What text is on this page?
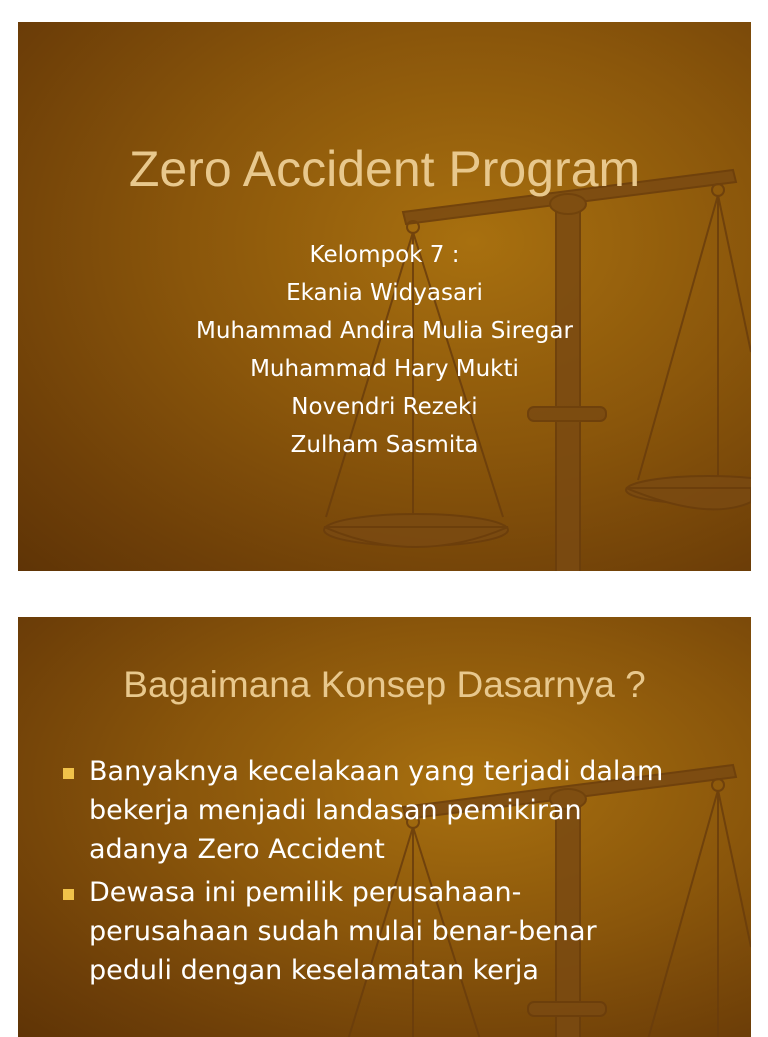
Zero Accident Program
Kelompok 7 :
Ekania Widyasari
Muhammad Andira Mulia Siregar
Muhammad Hary Mukti
Novendri Rezeki
Zulham Sasmita
Bagaimana Konsep Dasarnya ?
Banyaknya kecelakaan yang terjadi dalam
bekerja menjadi landasan pemikiran
adanya Zero Accident
Dewasa ini pemilik perusahaan-
perusahaan sudah mulai benar-benar
peduli dengan keselamatan kerja
